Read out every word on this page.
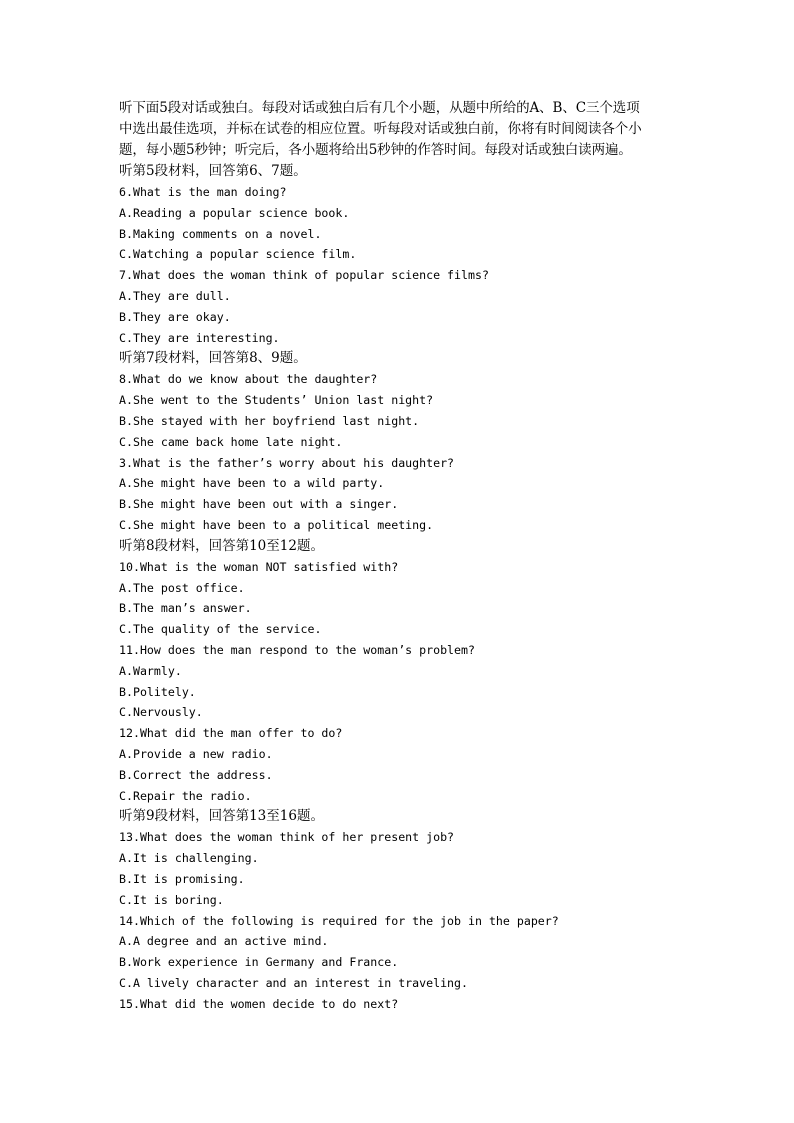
听下面5段对话或独白。每段对话或独白后有几个小题，从题中所给的A、B、C三个选项
中选出最佳选项，并标在试卷的相应位置。听每段对话或独白前，你将有时间阅读各个小
题，每小题5秒钟；听完后，各小题将给出5秒钟的作答时间。每段对话或独白读两遍。

听第5段材料，回答第6、7题。

6.What is the man doing?

A.Reading a popular science book.

B.Making comments on a novel.

C.Watching a popular science film.

7.What does the woman think of popular science films?

A.They are dull.

B.They are okay.

C.They are interesting.

听第7段材料，回答第8、9题。

8.What do we know about the daughter?

A.She went to the Students’ Union last night?

B.She stayed with her boyfriend last night.

C.She came back home late night.

3.What is the father’s worry about his daughter?

A.She might have been to a wild party.

B.She might have been out with a singer.

C.She might have been to a political meeting.

听第8段材料，回答第10至12题。

10.What is the woman NOT satisfied with?

A.The post office.

B.The man’s answer.

C.The quality of the service.

11.How does the man respond to the woman’s problem?

A.Warmly.

B.Politely.

C.Nervously.

12.What did the man offer to do?

A.Provide a new radio.

B.Correct the address.

C.Repair the radio.

听第9段材料，回答第13至16题。

13.What does the woman think of her present job?

A.It is challenging.

B.It is promising.

C.It is boring.

14.Which of the following is required for the job in the paper?

A.A degree and an active mind.

B.Work experience in Germany and France.

C.A lively character and an interest in traveling.

15.What did the women decide to do next?
